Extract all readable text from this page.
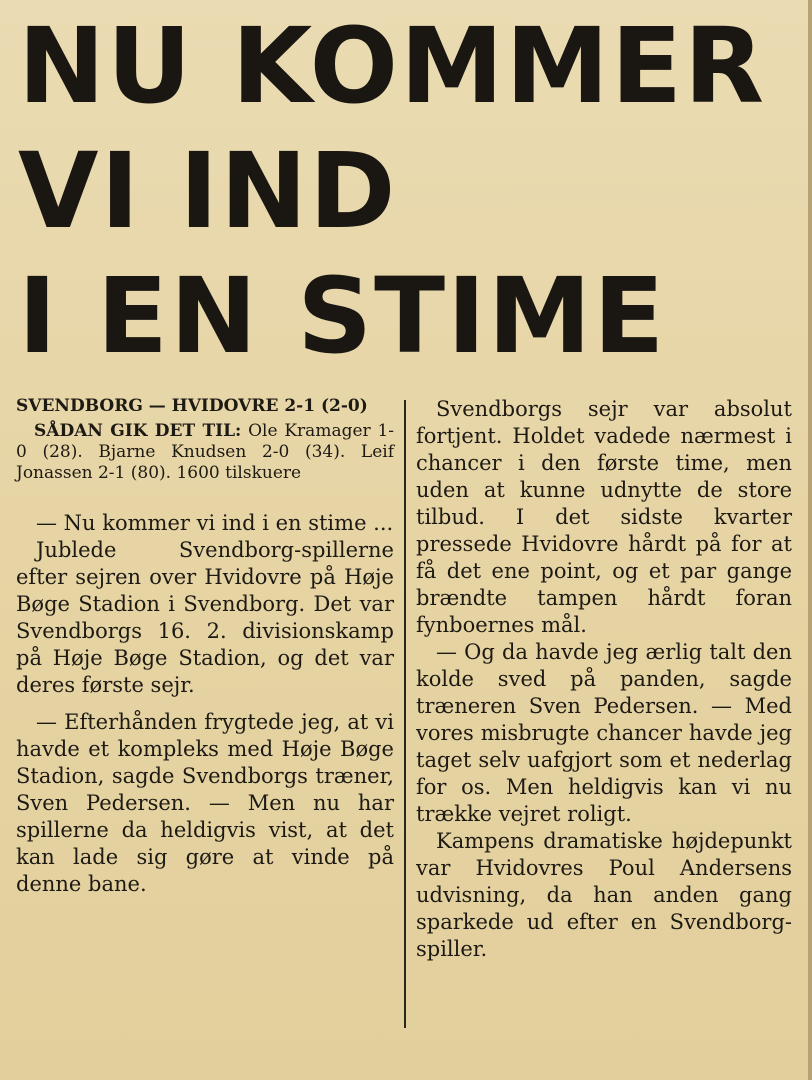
NU KOMMER
VI IND
I EN STIME

SVENDBORG — HVIDOVRE 2-1 (2-0)

SÅDAN GIK DET TIL: Ole Kramager 1-0 (28). Bjarne Knudsen 2-0 (34). Leif Jonassen 2-1 (80). 1600 tilskuere

— Nu kommer vi ind i en stime ...

Jublede Svendborg-spillerne efter sejren over Hvidovre på Høje Bøge Stadion i Svendborg. Det var Svendborgs 16. 2. divisionskamp på Høje Bøge Stadion, og det var deres første sejr.

— Efterhånden frygtede jeg, at vi havde et kompleks med Høje Bøge Stadion, sagde Svendborgs træner, Sven Pedersen. — Men nu har spillerne da heldigvis vist, at det kan lade sig gøre at vinde på denne bane.

Svendborgs sejr var absolut fortjent. Holdet vadede nærmest i chancer i den første time, men uden at kunne udnytte de store tilbud. I det sidste kvarter pressede Hvidovre hårdt på for at få det ene point, og et par gange brændte tampen hårdt foran fynboernes mål.

— Og da havde jeg ærlig talt den kolde sved på panden, sagde træneren Sven Pedersen. — Med vores misbrugte chancer havde jeg taget selv uafgjort som et nederlag for os. Men heldigvis kan vi nu trække vejret roligt.

Kampens dramatiske højdepunkt var Hvidovres Poul Andersens udvisning, da han anden gang sparkede ud efter en Svendborg-spiller.
